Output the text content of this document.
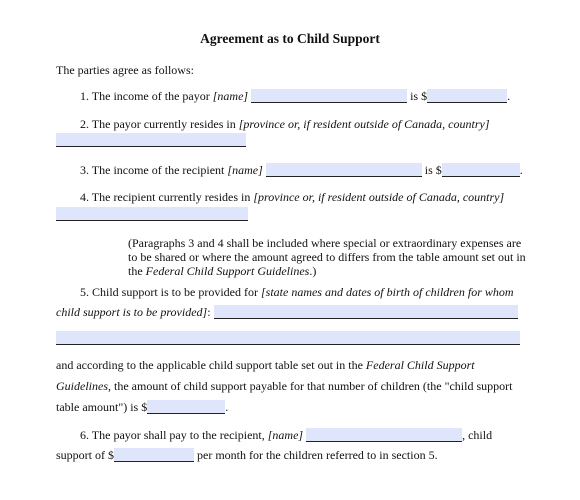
Agreement as to Child Support
The parties agree as follows:
1. The income of the payor [name]	is $	.
2. The payor currently resides in [province or, if resident outside of Canada, country]
3. The income of the recipient [name]	is $	.
4. The recipient currently resides in [province or, if resident outside of Canada, country]
(Paragraphs 3 and 4 shall be included where special or extraordinary expenses are to be shared or where the amount agreed to differs from the table amount set out in the Federal Child Support Guidelines.)
5. Child support is to be provided for [state names and dates of birth of children for whom
child support is to be provided]:
and according to the applicable child support table set out in the Federal Child Support
Guidelines, the amount of child support payable for that number of children (the "child support
table amount") is $	.
6. The payor shall pay to the recipient, [name]	, child
support of $	per month for the children referred to in section 5.
